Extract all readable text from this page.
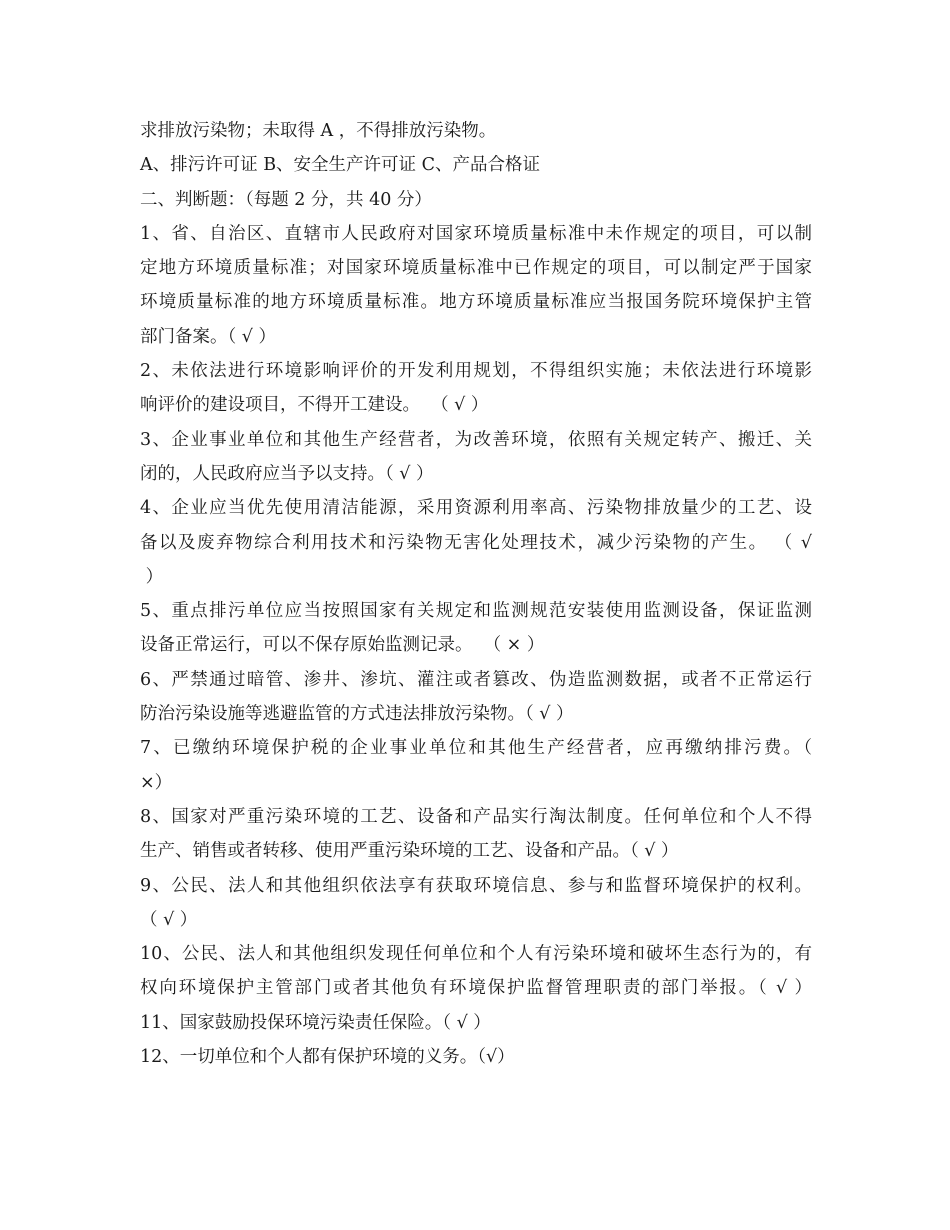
求排放污染物；未取得 A ，不得排放污染物。
A、排污许可证 B、安全生产许可证 C、产品合格证
二、判断题：（每题 2 分，共 40 分）
1、省、自治区、直辖市人民政府对国家环境质量标准中未作规定的项目，可以制
定地方环境质量标准；对国家环境质量标准中已作规定的项目，可以制定严于国家
环境质量标准的地方环境质量标准。地方环境质量标准应当报国务院环境保护主管
部门备案。（ √ ）
2、未依法进行环境影响评价的开发利用规划，不得组织实施；未依法进行环境影
响评价的建设项目，不得开工建设。  （ √ ）
3、企业事业单位和其他生产经营者，为改善环境，依照有关规定转产、搬迁、关
闭的，人民政府应当予以支持。（ √ ）
4、企业应当优先使用清洁能源，采用资源利用率高、污染物排放量少的工艺、设
备以及废弃物综合利用技术和污染物无害化处理技术，减少污染物的产生。 （ √
）
5、重点排污单位应当按照国家有关规定和监测规范安装使用监测设备，保证监测
设备正常运行，可以不保存原始监测记录。  （ × ）
6、严禁通过暗管、渗井、渗坑、灌注或者篡改、伪造监测数据，或者不正常运行
防治污染设施等逃避监管的方式违法排放污染物。（ √ ）
7、已缴纳环境保护税的企业事业单位和其他生产经营者，应再缴纳排污费。（
×）
8、国家对严重污染环境的工艺、设备和产品实行淘汰制度。任何单位和个人不得
生产、销售或者转移、使用严重污染环境的工艺、设备和产品。（ √ ）
9、公民、法人和其他组织依法享有获取环境信息、参与和监督环境保护的权利。
（ √ ）
10、公民、法人和其他组织发现任何单位和个人有污染环境和破坏生态行为的，有
权向环境保护主管部门或者其他负有环境保护监督管理职责的部门举报。（ √ ）
11、国家鼓励投保环境污染责任保险。（ √ ）
12、一切单位和个人都有保护环境的义务。（√）
